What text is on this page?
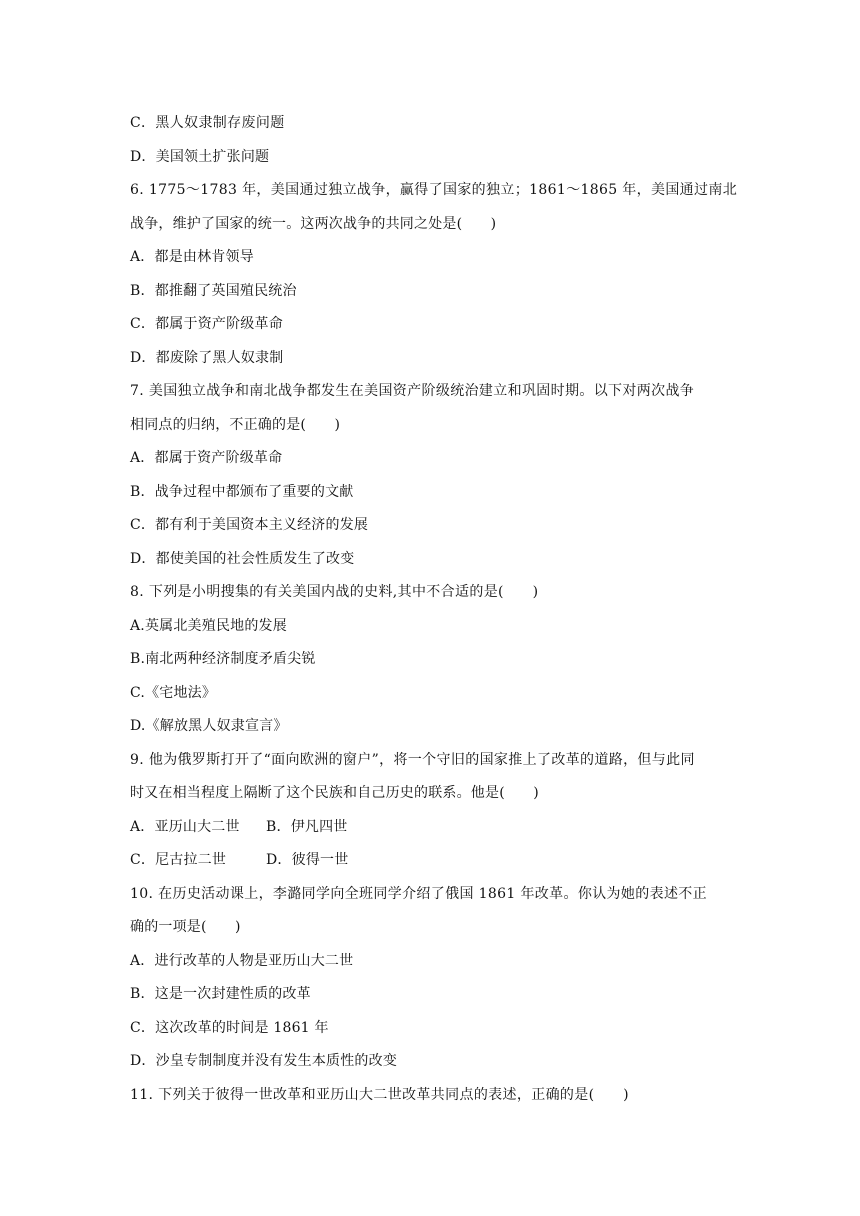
C．黑人奴隶制存废问题
D．美国领土扩张问题
6. 1775～1783 年，美国通过独立战争，赢得了国家的独立；1861～1865 年，美国通过南北
战争，维护了国家的统一。这两次战争的共同之处是(　　)
A．都是由林肯领导
B．都推翻了英国殖民统治
C．都属于资产阶级革命
D．都废除了黑人奴隶制
7. 美国独立战争和南北战争都发生在美国资产阶级统治建立和巩固时期。以下对两次战争
相同点的归纳，不正确的是(　　)
A．都属于资产阶级革命
B．战争过程中都颁布了重要的文献
C．都有利于美国资本主义经济的发展
D．都使美国的社会性质发生了改变
8. 下列是小明搜集的有关美国内战的史料,其中不合适的是(　　)
A.英属北美殖民地的发展
B.南北两种经济制度矛盾尖锐
C.《宅地法》
D.《解放黑人奴隶宣言》
9. 他为俄罗斯打开了“面向欧洲的窗户”，将一个守旧的国家推上了改革的道路，但与此同
时又在相当程度上隔断了这个民族和自己历史的联系。他是(　　)
A．亚历山大二世	B．伊凡四世
C．尼古拉二世	D．彼得一世
10. 在历史活动课上，李潞同学向全班同学介绍了俄国 1861 年改革。你认为她的表述不正
确的一项是(　　)
A．进行改革的人物是亚历山大二世
B．这是一次封建性质的改革
C．这次改革的时间是 1861 年
D．沙皇专制制度并没有发生本质性的改变
11. 下列关于彼得一世改革和亚历山大二世改革共同点的表述，正确的是(　　)
